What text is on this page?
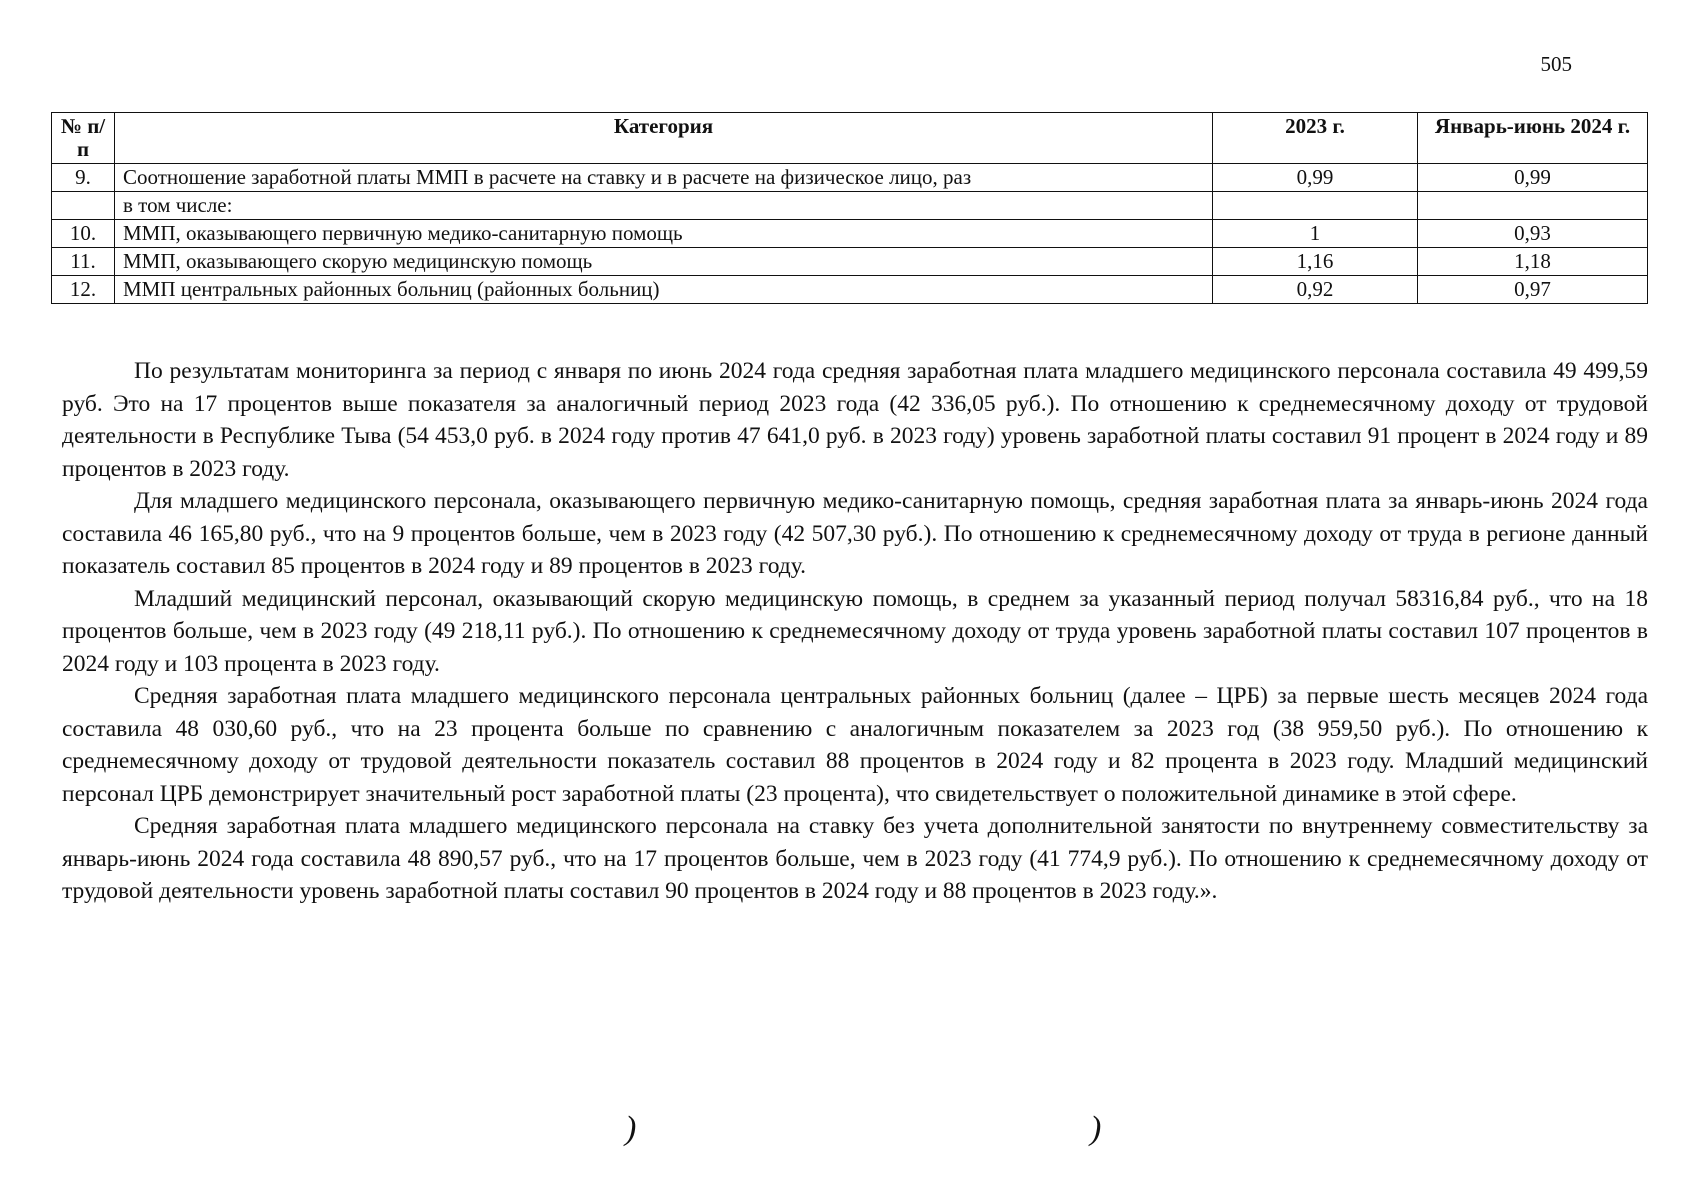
505
№ п/п	Категория	2023 г.	Январь-июнь 2024 г.
9.	Соотношение заработной платы ММП в расчете на ставку и в расчете на физическое лицо, раз	0,99	0,99
	в том числе:		
10.	ММП, оказывающего первичную медико-санитарную помощь	1	0,93
11.	ММП, оказывающего скорую медицинскую помощь	1,16	1,18
12.	ММП центральных районных больниц (районных больниц)	0,92	0,97

По результатам мониторинга за период с января по июнь 2024 года средняя заработная плата младшего медицинского персонала составила 49 499,59 руб. Это на 17 процентов выше показателя за аналогичный период 2023 года (42 336,05 руб.). По отношению к среднемесячному доходу от трудовой деятельности в Республике Тыва (54 453,0 руб. в 2024 году против 47 641,0 руб. в 2023 году) уровень заработной платы составил 91 процент в 2024 году и 89 процентов в 2023 году.

Для младшего медицинского персонала, оказывающего первичную медико-санитарную помощь, средняя заработная плата за январь-июнь 2024 года составила 46 165,80 руб., что на 9 процентов больше, чем в 2023 году (42 507,30 руб.). По отношению к среднемесячному доходу от труда в регионе данный показатель составил 85 процентов в 2024 году и 89 процентов в 2023 году.

Младший медицинский персонал, оказывающий скорую медицинскую помощь, в среднем за указанный период получал 58316,84 руб., что на 18 процентов больше, чем в 2023 году (49 218,11 руб.). По отношению к среднемесячному доходу от труда уровень заработной платы составил 107 процентов в 2024 году и 103 процента в 2023 году.

Средняя заработная плата младшего медицинского персонала центральных районных больниц (далее – ЦРБ) за первые шесть месяцев 2024 года составила 48 030,60 руб., что на 23 процента больше по сравнению с аналогичным показателем за 2023 год (38 959,50 руб.). По отношению к среднемесячному доходу от трудовой деятельности показатель составил 88 процентов в 2024 году и 82 процента в 2023 году. Младший медицинский персонал ЦРБ демонстрирует значительный рост заработной платы (23 процента), что свидетельствует о положительной динамике в этой сфере.

Средняя заработная плата младшего медицинского персонала на ставку без учета дополнительной занятости по внутреннему совместительству за январь-июнь 2024 года составила 48 890,57 руб., что на 17 процентов больше, чем в 2023 году (41 774,9 руб.). По отношению к среднемесячному доходу от трудовой деятельности уровень заработной платы составил 90 процентов в 2024 году и 88 процентов в 2023 году.».

)	)
